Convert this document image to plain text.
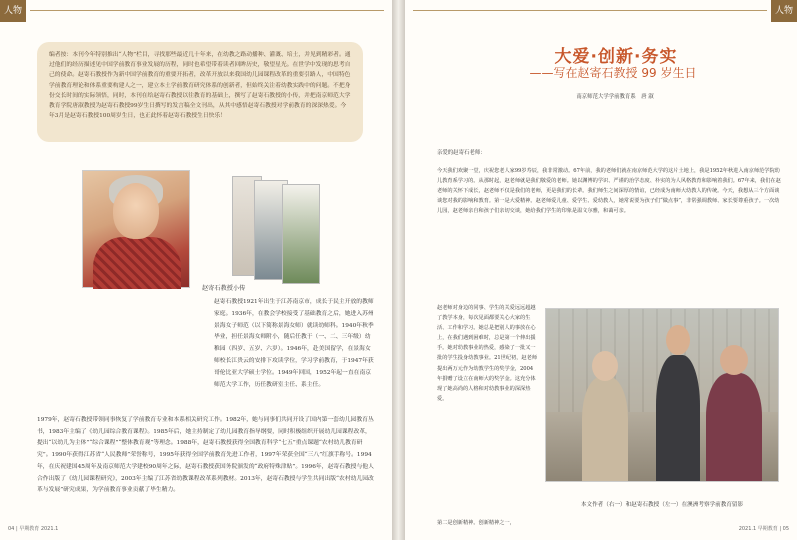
人物
编者按：本刊今年特别推出“人物”栏目，寻找那些最近几十年来，在幼教之路动播种、灌溉、培土，并见到精彩者。通过他们的经历描述见中国学前教育事业发展的历程，同时也希望带着读者回眸历史，敬望星光。在世学中发现的思考自己的使命。赵寄石教授作为新中国学前教育的重要开拓者，改革开放以来我国幼儿园课程改革的重要引路人，中国特色学前教育理论和体系重要构建人之一，建立本土学前教育研究体系的创新者，但始终关注着幼教实践中的问题。不把身份交长时间的实际领悟，同时，本刊在给赵寄石教授以往教育的基础上，撰写了赵寄石教授的小传，并把南京师范大学教育学院唐淑教授为赵寄石教授99岁生日撰写的发言稿全文刊出，从其中感悟赵寄石教授对学前教育的深深热爱。今年3月是赵寄石教授100周岁生日，也正此怀着赵寄石教授生日快乐！
赵寄石教授小传
赵寄石教授1921年出生于江苏南京市，成长于民主开放的教师家庭。1936年，在教会学校接受了基础教育之后，她进入苏州景海女子师范（以下简称景海女师）就读幼师科。1940年秋季毕业，担任景海女师附小，随后任教于（一、二、三年级）幼稚园（四岁、五岁、六岁）。1946年，赴美国留学，在景海女师校长江贵云的安排下攻读学位，学习学前教育，于1947年获哥伦比亚大学硕士学位。1949年回国，1952年起一直在南京师范大学工作，历任教研室主任、系主任。
1979年，赵寄石教授带领同事恢复了学前教育专业和本系相关研究工作。1982年，她与同事们共同开设了国内第一套幼儿园教育丛书，1983年主编了《幼儿园综合教育课程》。1985年后，她主持制定了幼儿园教育指导纲要，同时积极组织开展幼儿园课程改革，提出“以幼儿为主体”“综合课程”“整体教育观”等理念。1988年，赵寄石教授获得全国教育科学“七五”重点课题“农村幼儿教育研究”。1990年获得江苏省“人民教师”荣誉称号，1995年获得全国学前教育先进工作者，1997年荣获全国“三八”红旗手称号。1994年，在庆祝建国45周年及南京师范大学建校90周年之际，赵寄石教授获国务院颁发的“政府特殊津贴”。1996年，赵寄石教授与他人合作出版了《幼儿园课程研究》，2003年主编了江苏省幼教课程改革系列教材。2013年，赵寄石教授与学生共同出版“农村幼儿园改革与发展”研究成果，为学前教育事业贡献了毕生精力。
04 | 早期教育 2021.1
人物
大爱·创新·务实
——写在赵寄石教授 99 岁生日
南京师范大学学前教育系　唐 淑
亲爱的赵寄石老师：
今天我们欢聚一堂，庆祝您老人家99岁寿辰，我非常激动。67年前，我的老师们就在南京师范大学的这片土地上，我是1952年秋进入南京师范学院幼儿教育系学习的。从那时起，赵老师就是我们敬爱的老师。她以渊博的学识、严谨的治学态度、朴实的为人风格教育和影响着我们。67年来，我们在赵老师的关怀下成长，赵老师不仅是我们的老师，更是我们的长辈。我们师生之间深厚的情谊，已经成为南师大幼教人的传统。今天，我想从三个方面谈谈您对我的影响和教育。第一是大爱精神。赵老师爱儿童、爱学生、爱幼教人，她常说要为孩子们“做点事”，非常强调教师、家长要尊重孩子。一次幼儿园，赵老师亲自和孩子们亲切交谈，她给我们学生的印象是温文尔雅，和蔼可亲。
赵老师对身边的同事、学生的关爱远远超越了教学本身，每次见面都要关心大家的生活、工作和学习。她总是把别人的事放在心上，在我们遇到困难时，总是第一个伸出援手。她对幼教事业的热爱，感染了一批又一批的学生投身幼教事业。21世纪初，赵老师提出两万元作为幼教学生的奖学金，2004年捐赠了设立在南师大的奖学金。这充分体现了她高尚的人格和对幼教事业的深深热爱。
第二是创新精神。创新精神之一，
本文作者（右一）和赵寄石教授（左一）在澳洲考察学前教育留影
2021.1 早期教育 | 05
